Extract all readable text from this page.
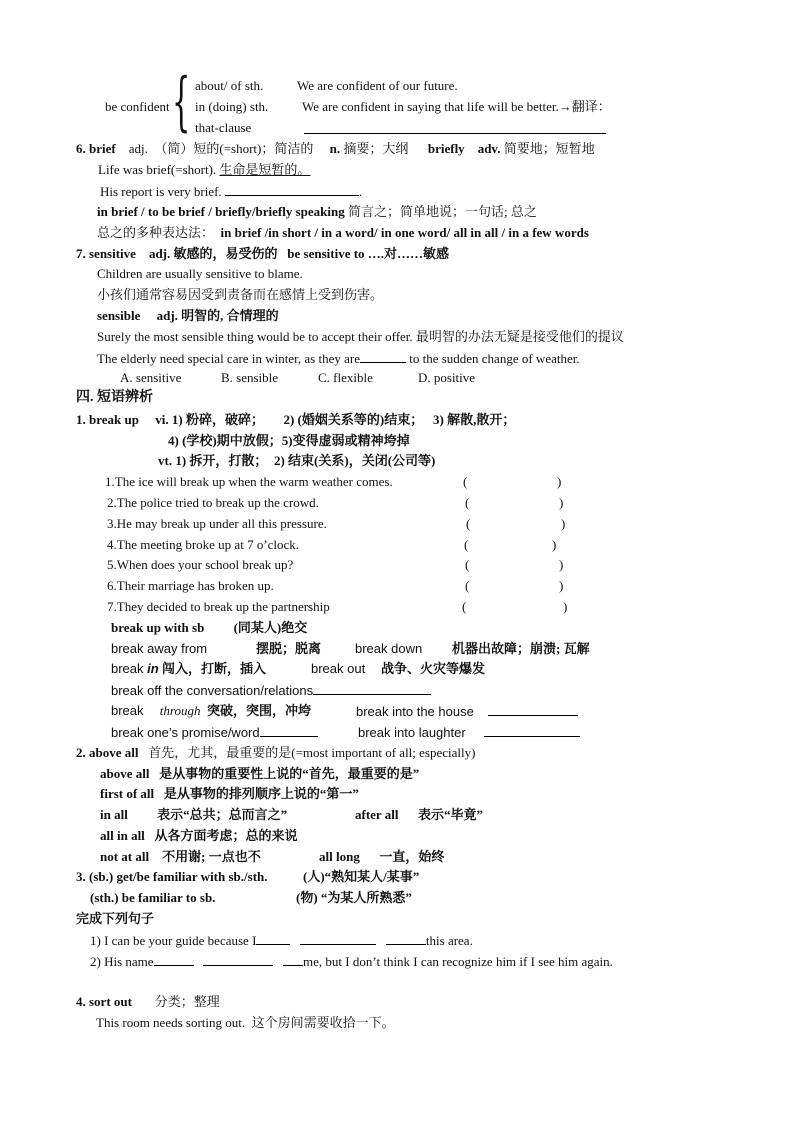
be confident { about/ of sth.	We are confident of our future.
in (doing) sth.	We are confident in saying that life will be better.→翻译：
that-clause
6. brief adj. （简）短的(=short)；简洁的 n. 摘要；大纲 briefly adv. 简要地；短暂地
Life was brief(=short). 生命是短暂的。
His report is very brief.	.
in brief / to be brief / briefly/briefly speaking 简言之；简单地说；一句话; 总之
总之的多种表达法： in brief /in short / in a word/ in one word/ all in all / in a few words
7. sensitive adj. 敏感的，易受伤的 be sensitive to ….对……敏感
Children are usually sensitive to blame.
小孩们通常容易因受到责备而在感情上受到伤害。
sensible adj. 明智的, 合情理的
Surely the most sensible thing would be to accept their offer. 最明智的办法无疑是接受他们的提议
The elderly need special care in winter, as they are	to the sudden change of weather.
A. sensitive	B. sensible	C. flexible	D. positive
四. 短语辨析
1. break up vi. 1) 粉碎，破碎； 2) (婚姻关系等的)结束； 3) 解散,散开；
4) (学校)期中放假；5)变得虚弱或精神垮掉
vt. 1) 拆开，打散； 2) 结束(关系)，关闭(公司等)
1.The ice will break up when the warm weather comes.	(	)
2.The police tried to break up the crowd.	(	)
3.He may break up under all this pressure.	(	)
4.The meeting broke up at 7 o’clock.	(	)
5.When does your school break up?	(	)
6.Their marriage has broken up.	(	)
7.They decided to break up the partnership	(	)
break up with sb (同某人)绝交
break away from	摆脱；脱离	break down 机器出故障；崩溃; 瓦解
break in 闯入，打断，插入	break out 战争、火灾等爆发
break off the conversation/relations
break through 突破，突围，冲垮	break into the house
break one’s promise/word	break into laughter
2. above all 首先，尤其，最重要的是(=most important of all; especially)
above all 是从事物的重要性上说的“首先，最重要的是”
first of all 是从事物的排列顺序上说的“第一”
in all 表示“总共；总而言之”	after all 表示“毕竟”
all in all 从各方面考虑；总的来说
not at all 不用谢; 一点也不	all long 一直，始终
3. (sb.) get/be familiar with sb./sth.	(人)“熟知某人/某事”
(sth.) be familiar to sb.	(物) “为某人所熟悉”
完成下列句子
1) I can be your guide because I	this area.
2) His name	me, but I don’t think I can recognize him if I see him again.
4. sort out 分类；整理
This room needs sorting out. 这个房间需要收拾一下。
